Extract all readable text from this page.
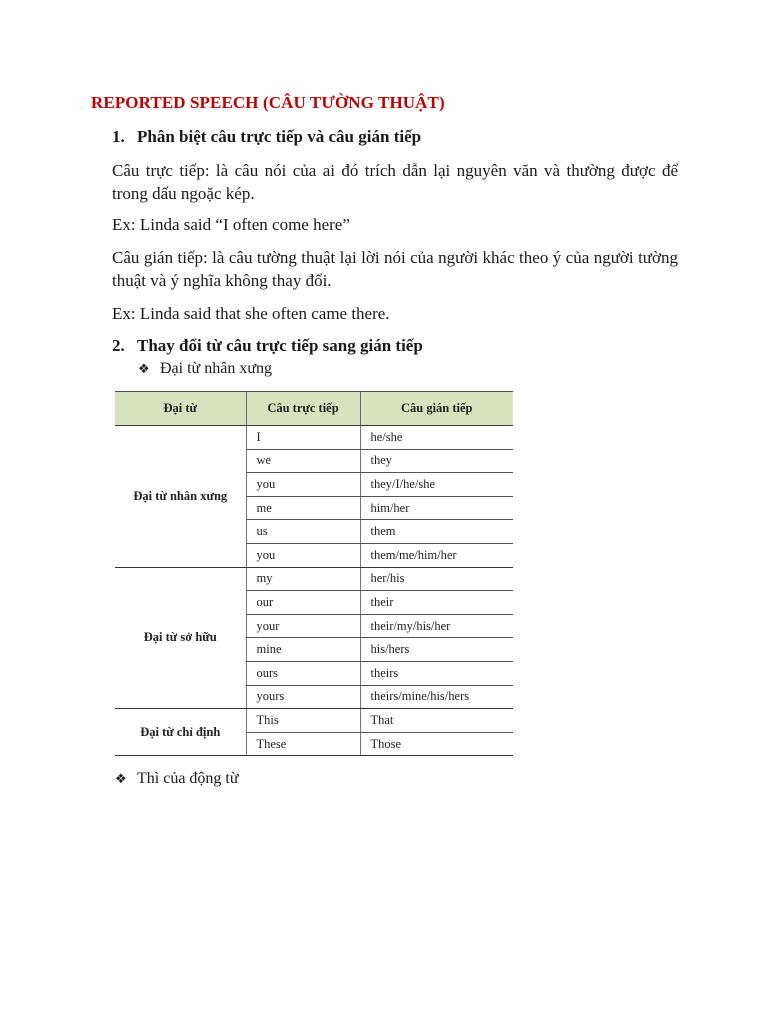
REPORTED SPEECH (CÂU TƯỜNG THUẬT)
1. Phân biệt câu trực tiếp và câu gián tiếp
Câu trực tiếp: là câu nói của ai đó trích dẫn lại nguyên văn và thường được để trong dấu ngoặc kép.
Ex: Linda said “I often come here”
Câu gián tiếp: là câu tường thuật lại lời nói của người khác theo ý của người tường thuật và ý nghĩa không thay đổi.
Ex: Linda said that she often came there.
2. Thay đổi từ câu trực tiếp sang gián tiếp
❖ Đại từ nhân xưng
Đại từ	Câu trực tiếp	Câu gián tiếp
Đại từ nhân xưng	I	he/she
	we	they
	you	they/I/he/she
	me	him/her
	us	them
	you	them/me/him/her
Đại từ sở hữu	my	her/his
	our	their
	your	their/my/his/her
	mine	his/hers
	ours	theirs
	yours	theirs/mine/his/hers
Đại từ chỉ định	This	That
	These	Those
❖ Thì của động từ
